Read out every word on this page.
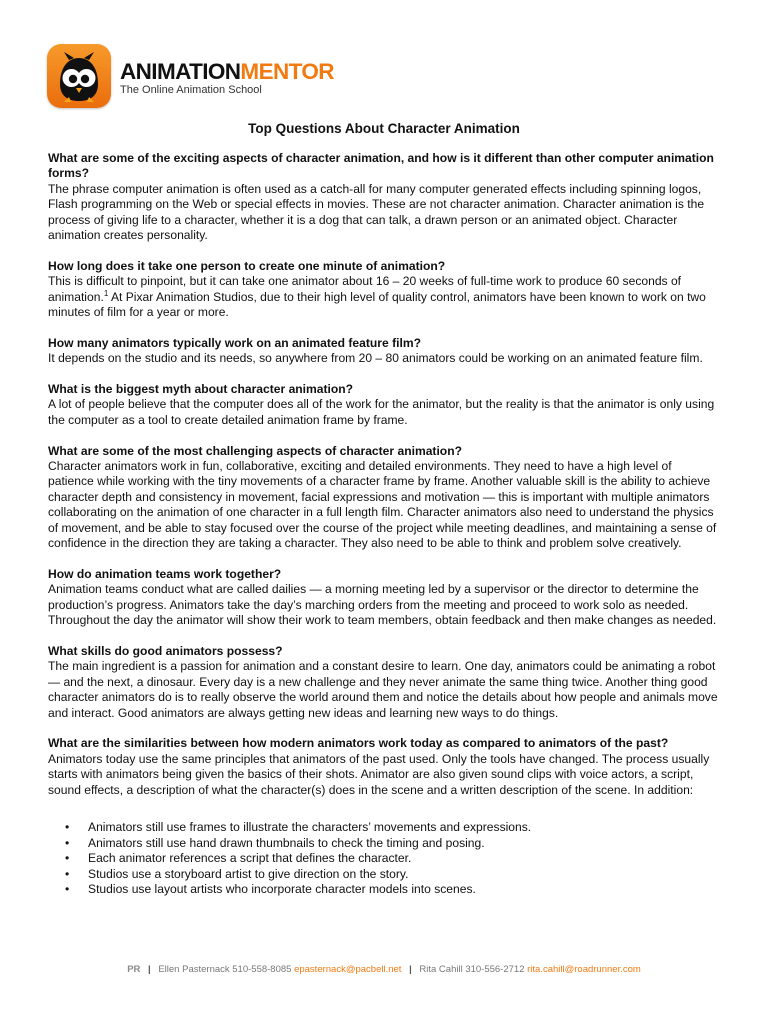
ANIMATIONMENTOR
The Online Animation School
Top Questions About Character Animation
What are some of the exciting aspects of character animation, and how is it different than other computer animation forms?
The phrase computer animation is often used as a catch-all for many computer generated effects including spinning logos, Flash programming on the Web or special effects in movies. These are not character animation. Character animation is the process of giving life to a character, whether it is a dog that can talk, a drawn person or an animated object. Character animation creates personality.
How long does it take one person to create one minute of animation?
This is difficult to pinpoint, but it can take one animator about 16 – 20 weeks of full-time work to produce 60 seconds of animation.$^1$ At Pixar Animation Studios, due to their high level of quality control, animators have been known to work on two minutes of film for a year or more.
How many animators typically work on an animated feature film?
It depends on the studio and its needs, so anywhere from 20 – 80 animators could be working on an animated feature film.
What is the biggest myth about character animation?
A lot of people believe that the computer does all of the work for the animator, but the reality is that the animator is only using the computer as a tool to create detailed animation frame by frame.
What are some of the most challenging aspects of character animation?
Character animators work in fun, collaborative, exciting and detailed environments. They need to have a high level of patience while working with the tiny movements of a character frame by frame. Another valuable skill is the ability to achieve character depth and consistency in movement, facial expressions and motivation — this is important with multiple animators collaborating on the animation of one character in a full length film. Character animators also need to understand the physics of movement, and be able to stay focused over the course of the project while meeting deadlines, and maintaining a sense of confidence in the direction they are taking a character. They also need to be able to think and problem solve creatively.
How do animation teams work together?
Animation teams conduct what are called dailies — a morning meeting led by a supervisor or the director to determine the production’s progress. Animators take the day’s marching orders from the meeting and proceed to work solo as needed. Throughout the day the animator will show their work to team members, obtain feedback and then make changes as needed.
What skills do good animators possess?
The main ingredient is a passion for animation and a constant desire to learn. One day, animators could be animating a robot — and the next, a dinosaur. Every day is a new challenge and they never animate the same thing twice. Another thing good character animators do is to really observe the world around them and notice the details about how people and animals move and interact. Good animators are always getting new ideas and learning new ways to do things.
What are the similarities between how modern animators work today as compared to animators of the past?
Animators today use the same principles that animators of the past used. Only the tools have changed. The process usually starts with animators being given the basics of their shots. Animator are also given sound clips with voice actors, a script, sound effects, a description of what the character(s) does in the scene and a written description of the scene. In addition:
• Animators still use frames to illustrate the characters’ movements and expressions.
• Animators still use hand drawn thumbnails to check the timing and posing.
• Each animator references a script that defines the character.
• Studios use a storyboard artist to give direction on the story.
• Studios use layout artists who incorporate character models into scenes.
PR | Ellen Pasternack 510-558-8085 epasternack@pacbell.net | Rita Cahill 310-556-2712 rita.cahill@roadrunner.com
